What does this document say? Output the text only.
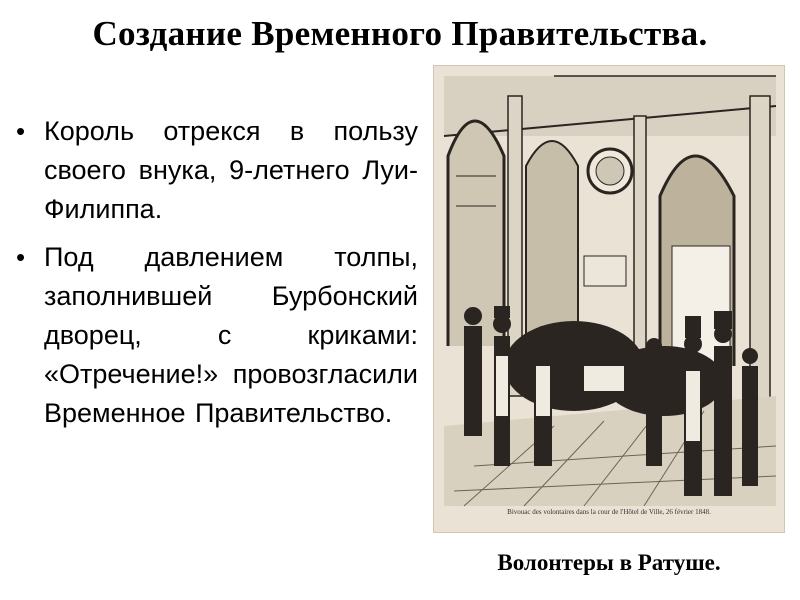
Создание Временного Правительства.
• Король отрекся в пользу своего внука, 9-летнего Луи-Филиппа.
• Под давлением толпы, заполнившей Бурбонский дворец, с криками: «Отречение!» провозгласили Временное Правительство.
Bivouac des volontaires dans la cour de l'Hôtel de Ville, 26 février 1848.

Волонтеры в Ратуше.
